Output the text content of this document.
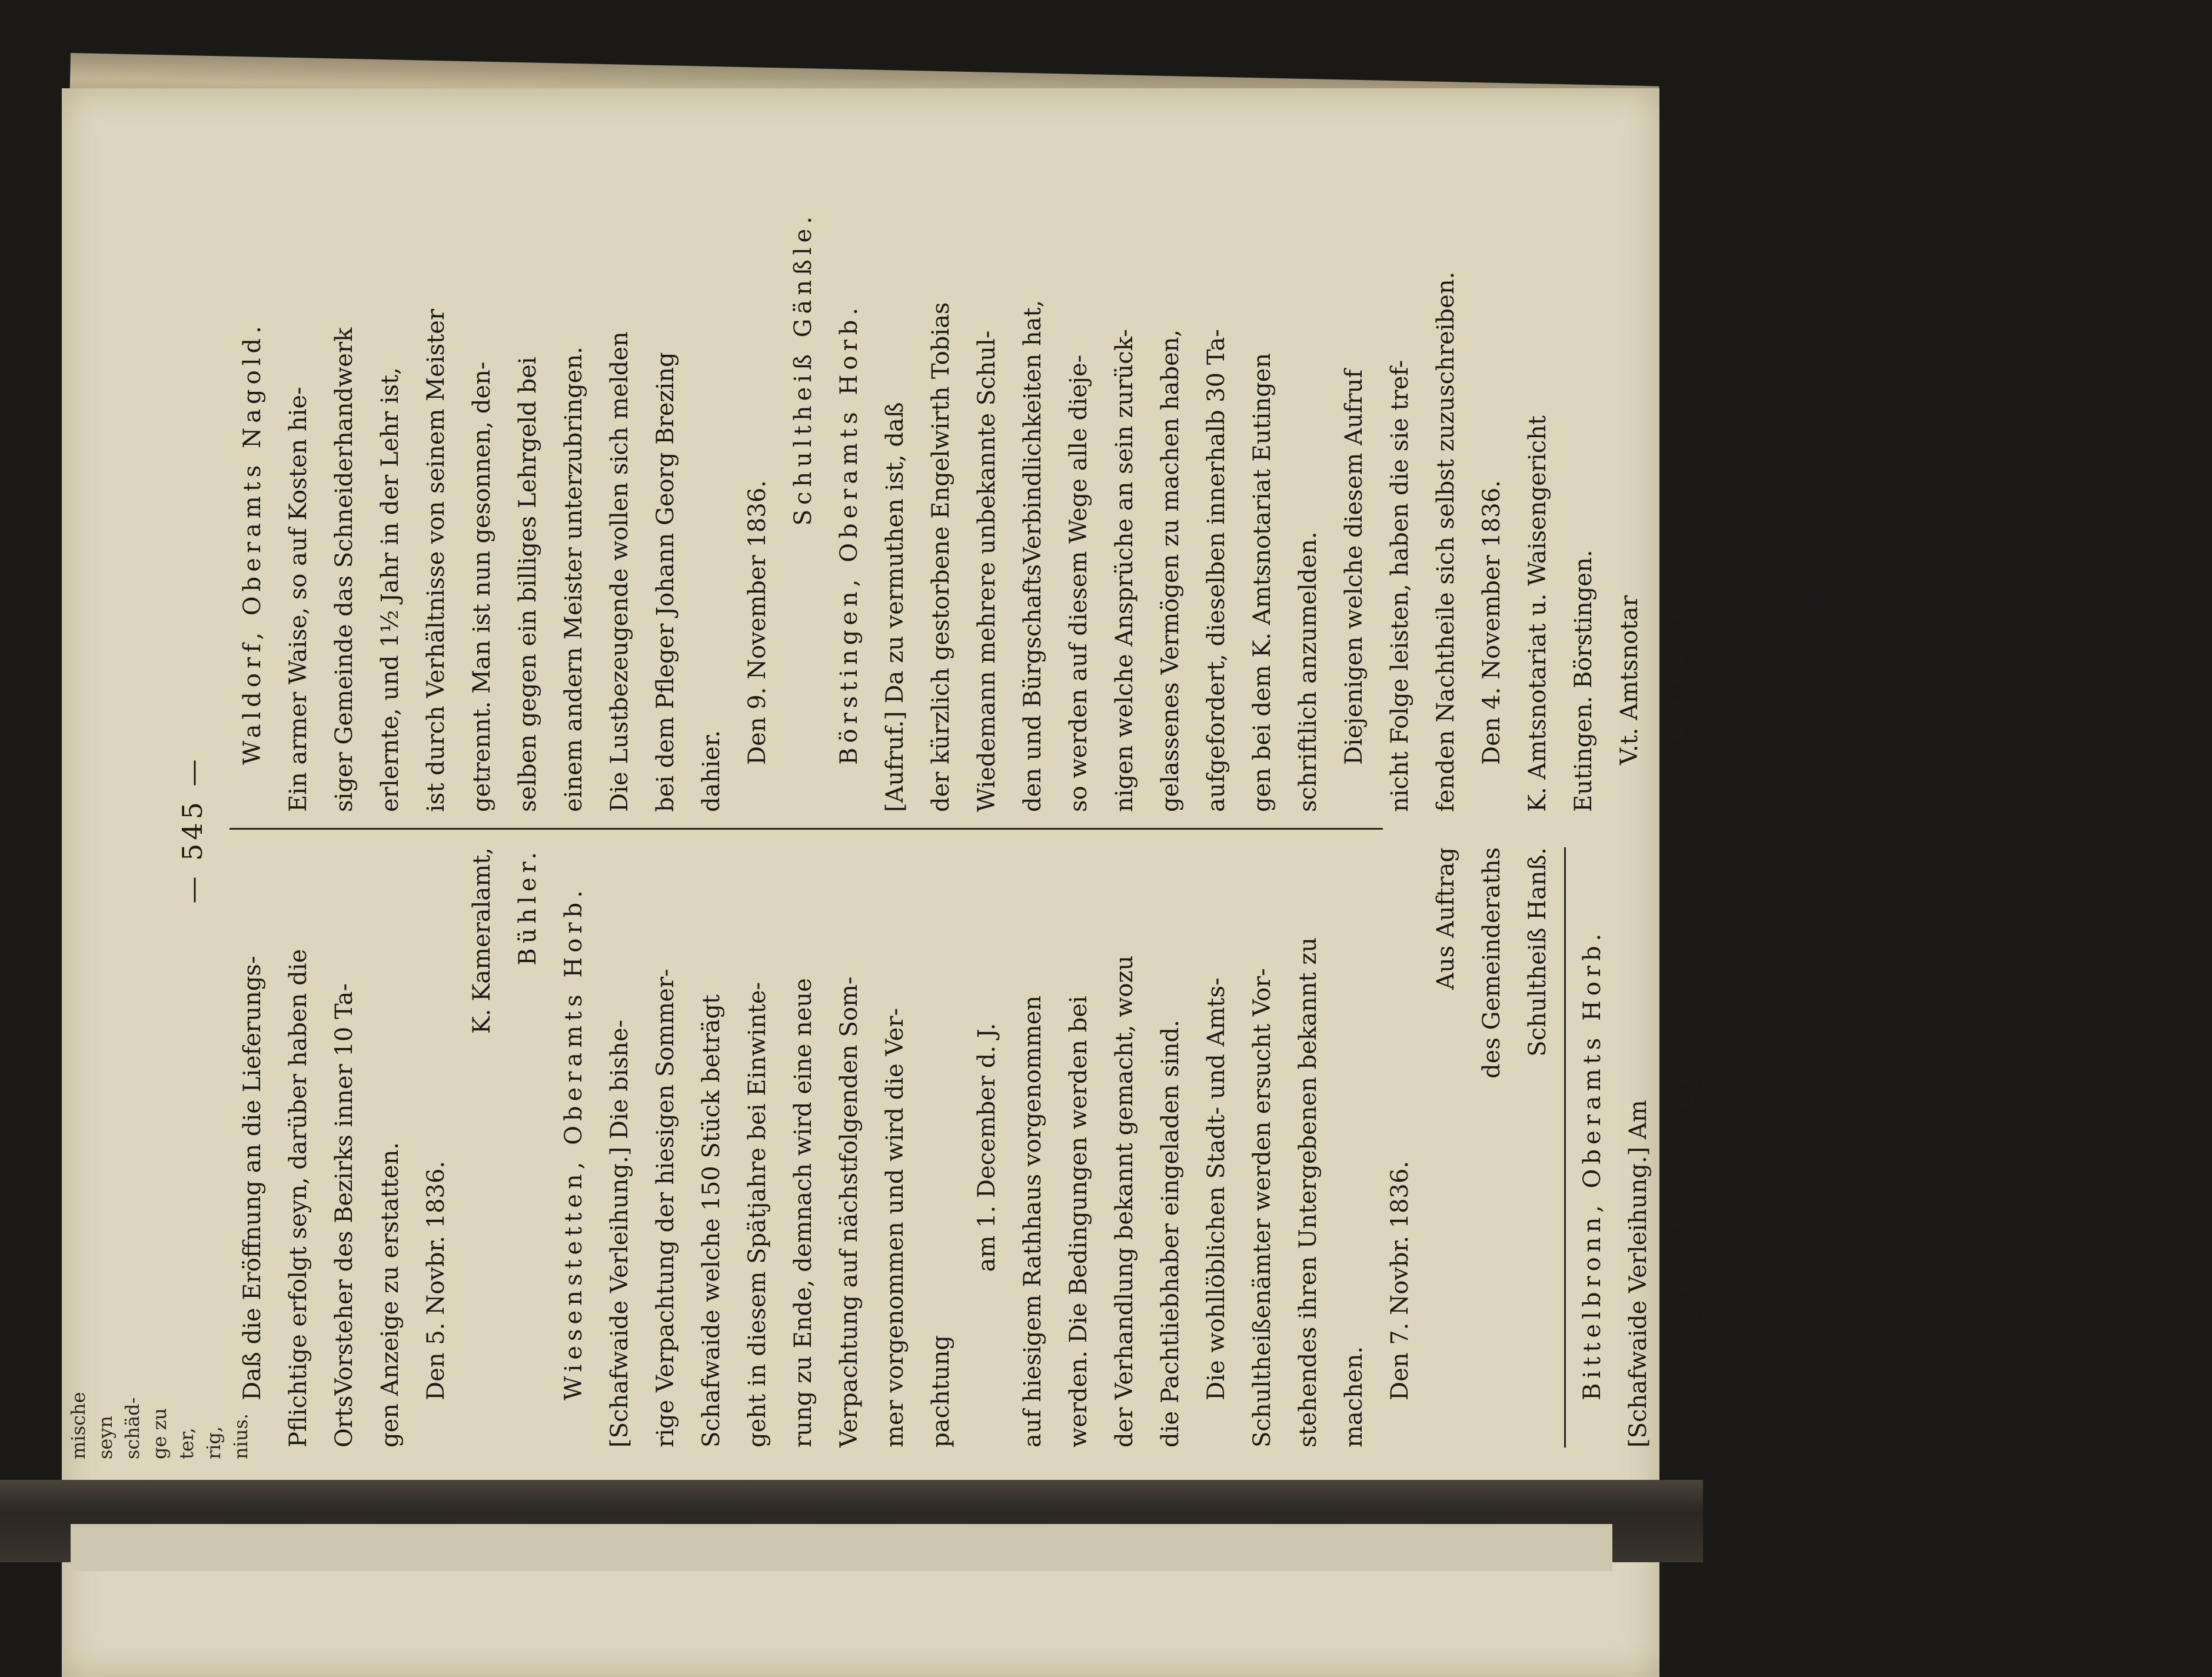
— 545 —
Daß die Eröffnung an die Lieferungs- Pflichtige erfolgt seyn, darüber haben die OrtsVorsteher des Bezirks inner 10 Ta- gen Anzeige zu erstatten. Den 5. Novbr. 1836.
K. Kameralamt, Bühler. Wiesenstetten, Oberamts Horb. [Schafwaide Verleihung.] Die bishe- rige Verpachtung der hiesigen Sommer- Schafwaide welche 150 Stück beträgt geht in diesem Spätjahre bei Einwinte- rung zu Ende, demnach wird eine neue Verpachtung auf nächstfolgenden Som- mer vorgenommen und wird die Ver- pachtung
am 1. December d. J. auf hiesigem Rathhaus vorgenommen werden. Die Bedingungen werden bei der Verhandlung bekannt gemacht, wozu die Pachtliebhaber eingeladen sind. Die wohllöblichen Stadt- und Amts- Schultheißenämter werden ersucht Vor- stehendes ihren Untergebenen bekannt zu machen. Den 7. Novbr. 1836.
Aus Auftrag des Gemeinderaths Schultheiß Hanß.	Bittelbronn, Oberamts Horb. [Schafwaide Verleihung.] Am Donnerstag den 24. Novbr. d. J. Vormittags 10 Uhr wird die hiesige SommerSchafwaide welche zur Hälfte 80 Stück erträgt, auf nächste drei Jahre auf hiesigem Rath- haus verpachtet. Liebhaber werden hiezu höflich einge- laden, und die Herrn OrtsVorsteher ge- beten solches ihren Untergebenen bekannt machen zu lassen. Den 5. Novbr. 1836.
Schultheiß Dettling.
Waldorf, Oberamts Nagold. Ein armer Waise, so auf Kosten hie- siger Gemeinde das Schneiderhandwerk erlernte, und 1½ Jahr in der Lehr ist, ist durch Verhältnisse von seinem Meister getrennt. Man ist nun gesonnen, den- selben gegen ein billiges Lehrgeld bei einem andern Meister unterzubringen. Die Lustbezeugende wollen sich melden bei dem Pfleger Johann Georg Brezing dahier.
Den 9. November 1836.
Schultheiß Gänßle. Börstingen, Oberamts Horb. [Aufruf.] Da zu vermuthen ist, daß der kürzlich gestorbene Engelwirth Tobias Wiedemann mehrere unbekannte Schul- den und BürgschaftsVerbindlichkeiten hat, so werden auf diesem Wege alle dieje- nigen welche Ansprüche an sein zurück- gelassenes Vermögen zu machen haben, aufgefordert, dieselben innerhalb 30 Ta- gen bei dem K. Amtsnotariat Eutingen schriftlich anzumelden. Diejenigen welche diesem Aufruf nicht Folge leisten, haben die sie tref- fenden Nachtheile sich selbst zuzuschreiben. Den 4. November 1836. K. Amtsnotariat u. Waisengericht Eutingen. Börstingen. V.t. Amtsnotar Hämmerle. Börstingen, Oberamts Horb. [Verkauf einer Wirthschaft, mehrerer Gü- ter und Fahrniß.] Aus der Verlassen- schaftsMasse des kürzlich verstorbenen Engelwirths, Tobias Wiedemann, wird im öffentlichen Aufstreich verkauft werden: 1. Liegenschaft: Am Dienstag den 22. d. M. Vormittags 9 Uhr das in jeder Beziehung gut eingerichtete an der Vizinal-Straße nach Ba-
mische seyn schäd- ge zu ter, rig, nius.
